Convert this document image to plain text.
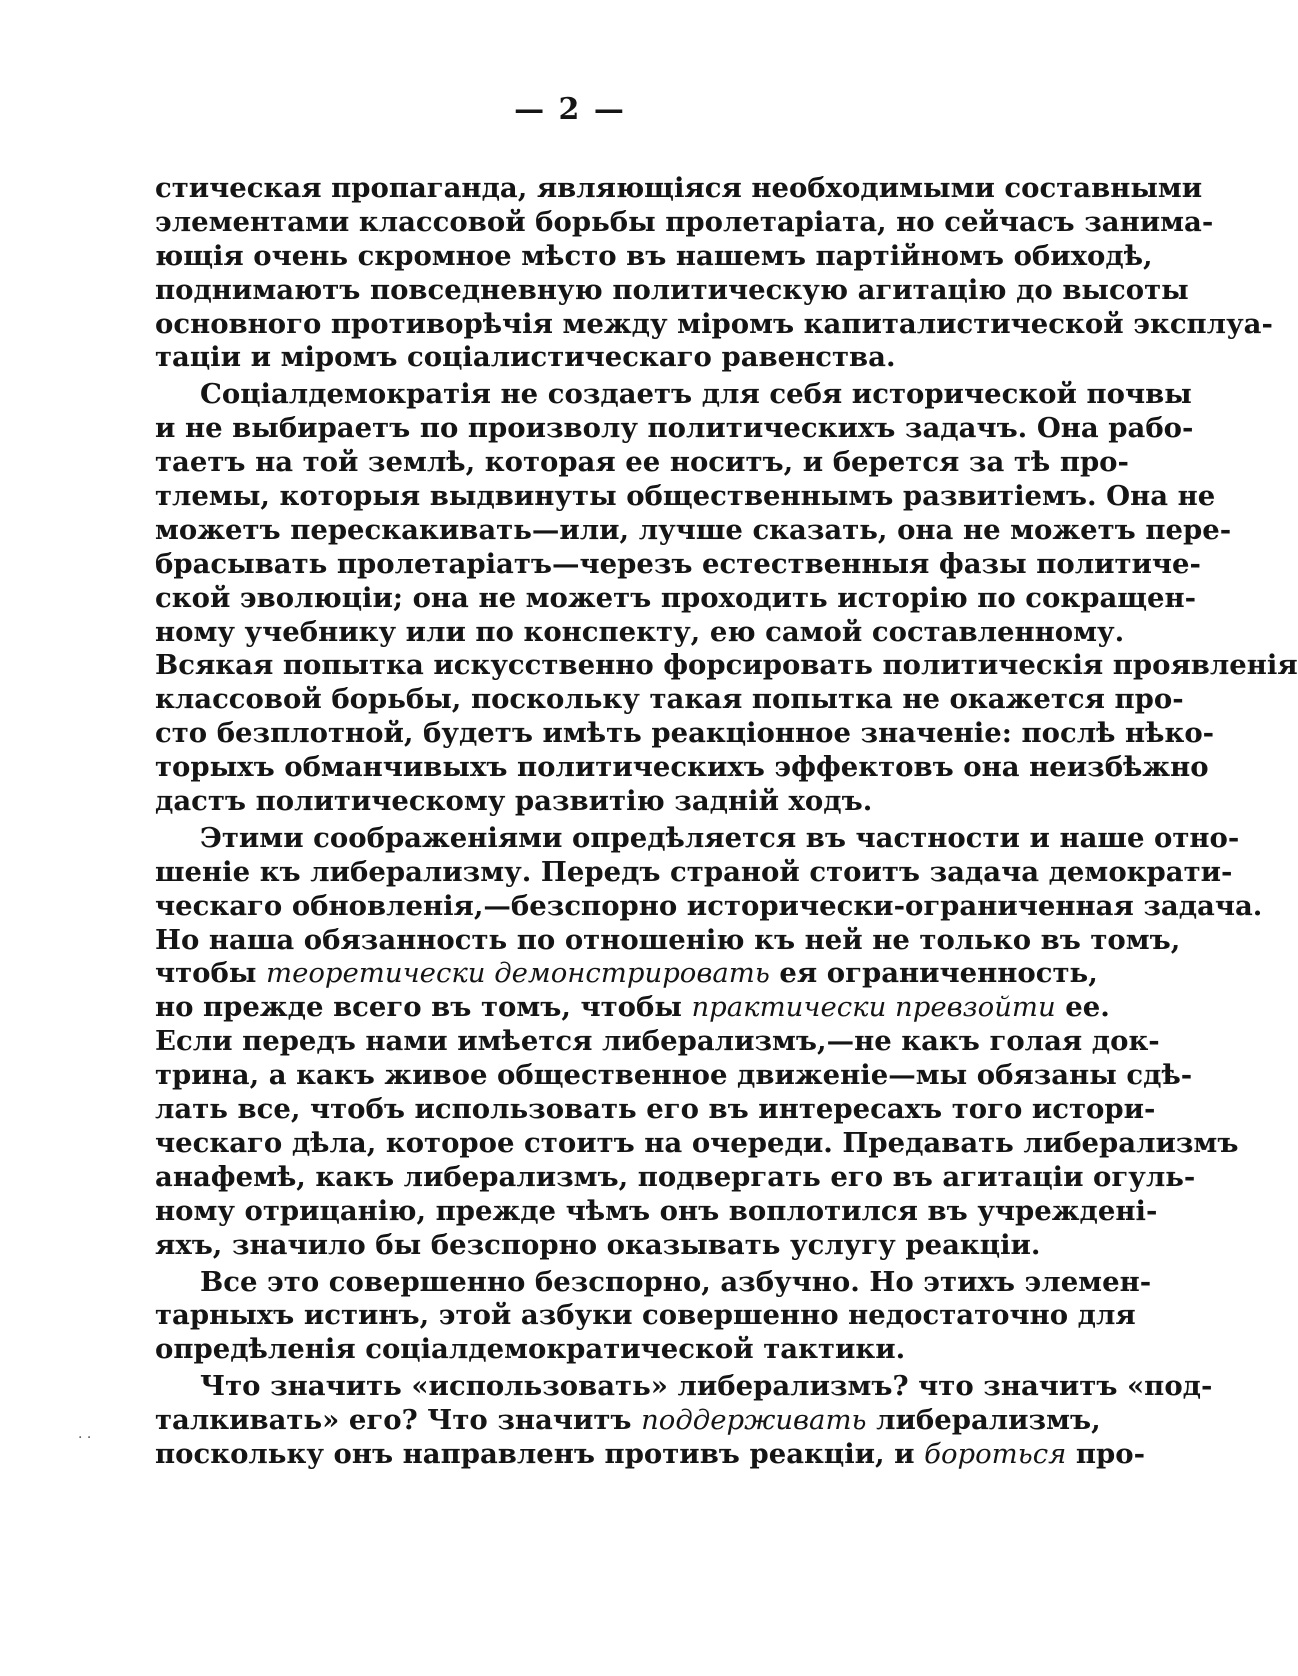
— 2 —
стическая пропаганда, являющіяся необходимыми составными
элементами классовой борьбы пролетаріата, но сейчасъ занима-
ющія очень скромное мѣсто въ нашемъ партійномъ обиходѣ,
поднимаютъ повседневную политическую агитацію до высоты
основного противорѣчія между міромъ капиталистической эксплуа-
таціи и міромъ соціалистическаго равенства.
Соціалдемократія не создаетъ для себя исторической почвы
и не выбираетъ по произволу политическихъ задачъ. Она рабо-
таетъ на той землѣ, которая ее носитъ, и берется за тѣ про-
тлемы, которыя выдвинуты общественнымъ развитіемъ. Она не
можетъ перескакивать—или, лучше сказать, она не можетъ пере-
брасывать пролетаріатъ—черезъ естественныя фазы политиче-
ской эволюціи; она не можетъ проходить исторію по сокращен-
ному учебнику или по конспекту, ею самой составленному.
Всякая попытка искусственно форсировать политическія проявленія
классовой борьбы, поскольку такая попытка не окажется про-
сто безплотной, будетъ имѣть реакціонное значеніе: послѣ нѣко-
торыхъ обманчивыхъ политическихъ эффектовъ она неизбѣжно
дастъ политическому развитію задній ходъ.
Этими соображеніями опредѣляется въ частности и наше отно-
шеніе къ либерализму. Передъ страной стоитъ задача демократи-
ческаго обновленія,—безспорно исторически-ограниченная задача.
Но наша обязанность по отношенію къ ней не только въ томъ,
чтобы теоретически демонстрировать ея ограниченность,
но прежде всего въ томъ, чтобы практически превзойти ее.
Если передъ нами имѣется либерализмъ,—не какъ голая док-
трина, а какъ живое общественное движеніе—мы обязаны сдѣ-
лать все, чтобъ использовать его въ интересахъ того истори-
ческаго дѣла, которое стоитъ на очереди. Предавать либерализмъ
анафемѣ, какъ либерализмъ, подвергать его въ агитаціи огуль-
ному отрицанію, прежде чѣмъ онъ воплотился въ учрежденi-
яхъ, значило бы безспорно оказывать услугу реакціи.
Все это совершенно безспорно, азбучно. Но этихъ элемен-
тарныхъ истинъ, этой азбуки совершенно недостаточно для
опредѣленія соціалдемократической тактики.
Что значить «использовать» либерализмъ? что значитъ «под-
талкивать» его? Что значитъ поддерживать либерализмъ,
поскольку онъ направленъ противъ реакціи, и бороться про-
· ·
